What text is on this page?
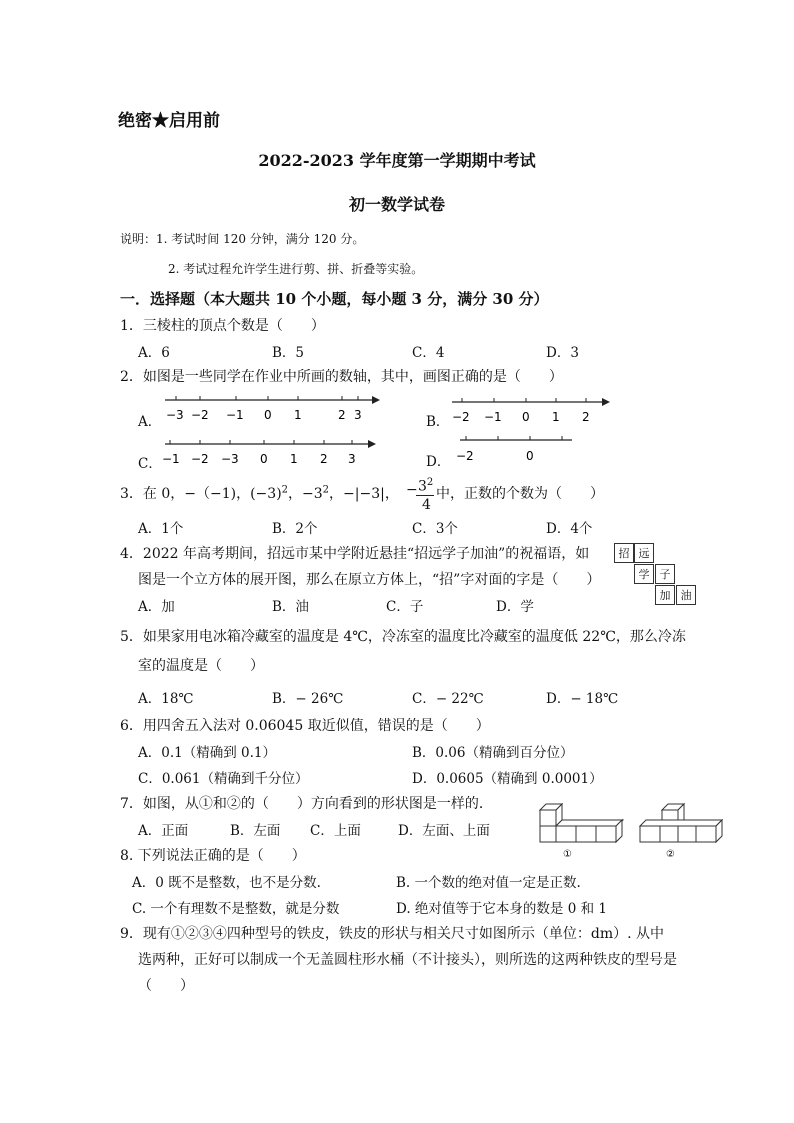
绝密★启用前
2022-2023 学年度第一学期期中考试
初一数学试卷
说明：1. 考试时间 120 分钟，满分 120 分。
2. 考试过程允许学生进行剪、拼、折叠等实验。
一．选择题（本大题共 10 个小题，每小题 3 分，满分 30 分）
1．三棱柱的顶点个数是（　　）
A．6	B．5	C．4	D．3
2．如图是一些同学在作业中所画的数轴，其中，画图正确的是（　　）
A．	B．
C．	D．
−3 −2 −1 0 1	2 3	−2 −1 0 1 2
−1 −2 −3 0 1 2 3	−2	0
①	②
3．在 0，−（−1)，$(-3)^2$，$-3^2$，−|−3|， − $3^2$
4
中，正数的个数为（　　）
A．1个	B．2个	C．3个	D．4个
4．2022 年高考期间，招远市某中学附近悬挂“招远学子加油”的祝福语，如
图是一个立方体的展开图，那么在原立方体上，“招”字对面的字是（　　）
A．加	B．油	C．子	D．学
招 远
学 子
加 油
5．如果家用电冰箱冷藏室的温度是 4℃，冷冻室的温度比冷藏室的温度低 22℃，那么冷冻
室的温度是（　　）
A．18℃	B．− 26℃	C．− 22℃	D．− 18℃
6．用四舍五入法对 0.06045 取近似值，错误的是（　　）
A．0.1（精确到 0.1）	B．0.06（精确到百分位）
C．0.061（精确到千分位）	D．0.0605（精确到 0.0001）
7．如图，从①和②的（　　）方向看到的形状图是一样的．
A．正面	B．左面 C．上面	D．左面、上面
8. 下列说法正确的是（　　）
A．0 既不是整数，也不是分数.	B. 一个数的绝对值一定是正数.
C. 一个有理数不是整数，就是分数	D. 绝对值等于它本身的数是 0 和 1
9．现有①②③④四种型号的铁皮，铁皮的形状与相关尺寸如图所示（单位：dm）. 从中
选两种，正好可以制成一个无盖圆柱形水桶（不计接头），则所选的这两种铁皮的型号是
（　　）
